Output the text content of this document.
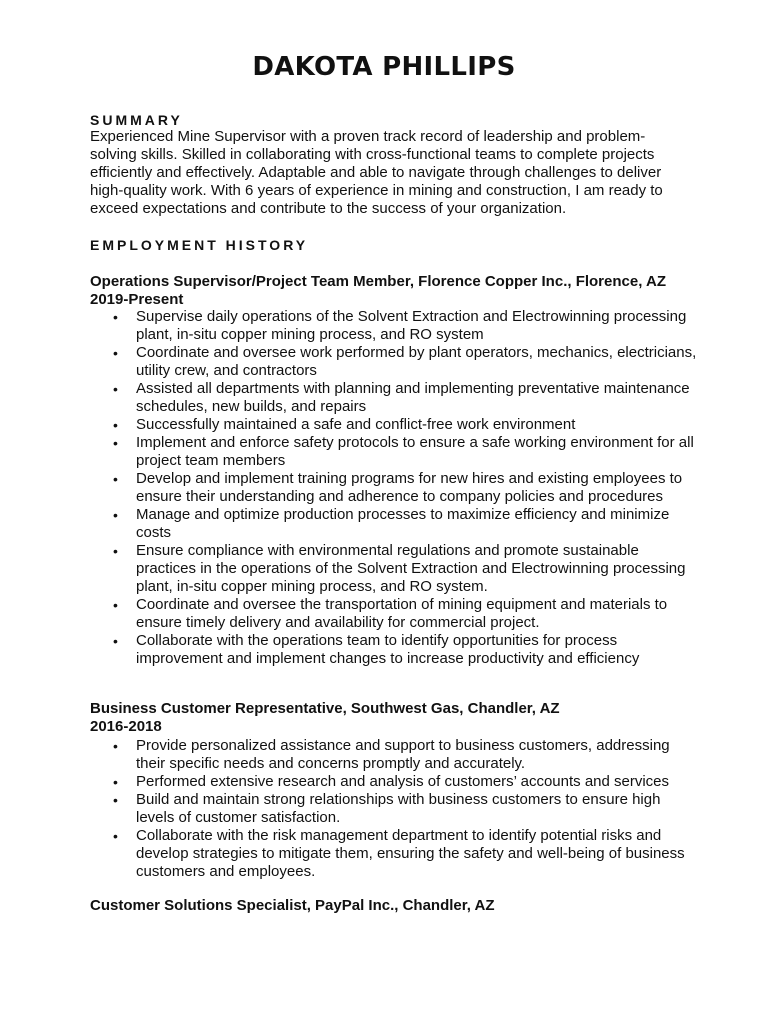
DAKOTA PHILLIPS
SUMMARY

Experienced Mine Supervisor with a proven track record of leadership and problem-solving skills. Skilled in collaborating with cross-functional teams to complete projects efficiently and effectively. Adaptable and able to navigate through challenges to deliver high-quality work. With 6 years of experience in mining and construction, I am ready to exceed expectations and contribute to the success of your organization.

EMPLOYMENT HISTORY
Operations Supervisor/Project Team Member, Florence Copper Inc., Florence, AZ
2019-Present
• Supervise daily operations of the Solvent Extraction and Electrowinning processing plant, in-situ copper mining process, and RO system
• Coordinate and oversee work performed by plant operators, mechanics, electricians, utility crew, and contractors
• Assisted all departments with planning and implementing preventative maintenance schedules, new builds, and repairs
• Successfully maintained a safe and conflict-free work environment
• Implement and enforce safety protocols to ensure a safe working environment for all project team members
• Develop and implement training programs for new hires and existing employees to ensure their understanding and adherence to company policies and procedures
• Manage and optimize production processes to maximize efficiency and minimize costs
• Ensure compliance with environmental regulations and promote sustainable practices in the operations of the Solvent Extraction and Electrowinning processing plant, in-situ copper mining process, and RO system.
• Coordinate and oversee the transportation of mining equipment and materials to ensure timely delivery and availability for commercial project.
• Collaborate with the operations team to identify opportunities for process improvement and implement changes to increase productivity and efficiency
Business Customer Representative, Southwest Gas, Chandler, AZ
2016-2018
• Provide personalized assistance and support to business customers, addressing their specific needs and concerns promptly and accurately.
• Performed extensive research and analysis of customers’ accounts and services
• Build and maintain strong relationships with business customers to ensure high levels of customer satisfaction.
• Collaborate with the risk management department to identify potential risks and develop strategies to mitigate them, ensuring the safety and well-being of business customers and employees.
Customer Solutions Specialist, PayPal Inc., Chandler, AZ
